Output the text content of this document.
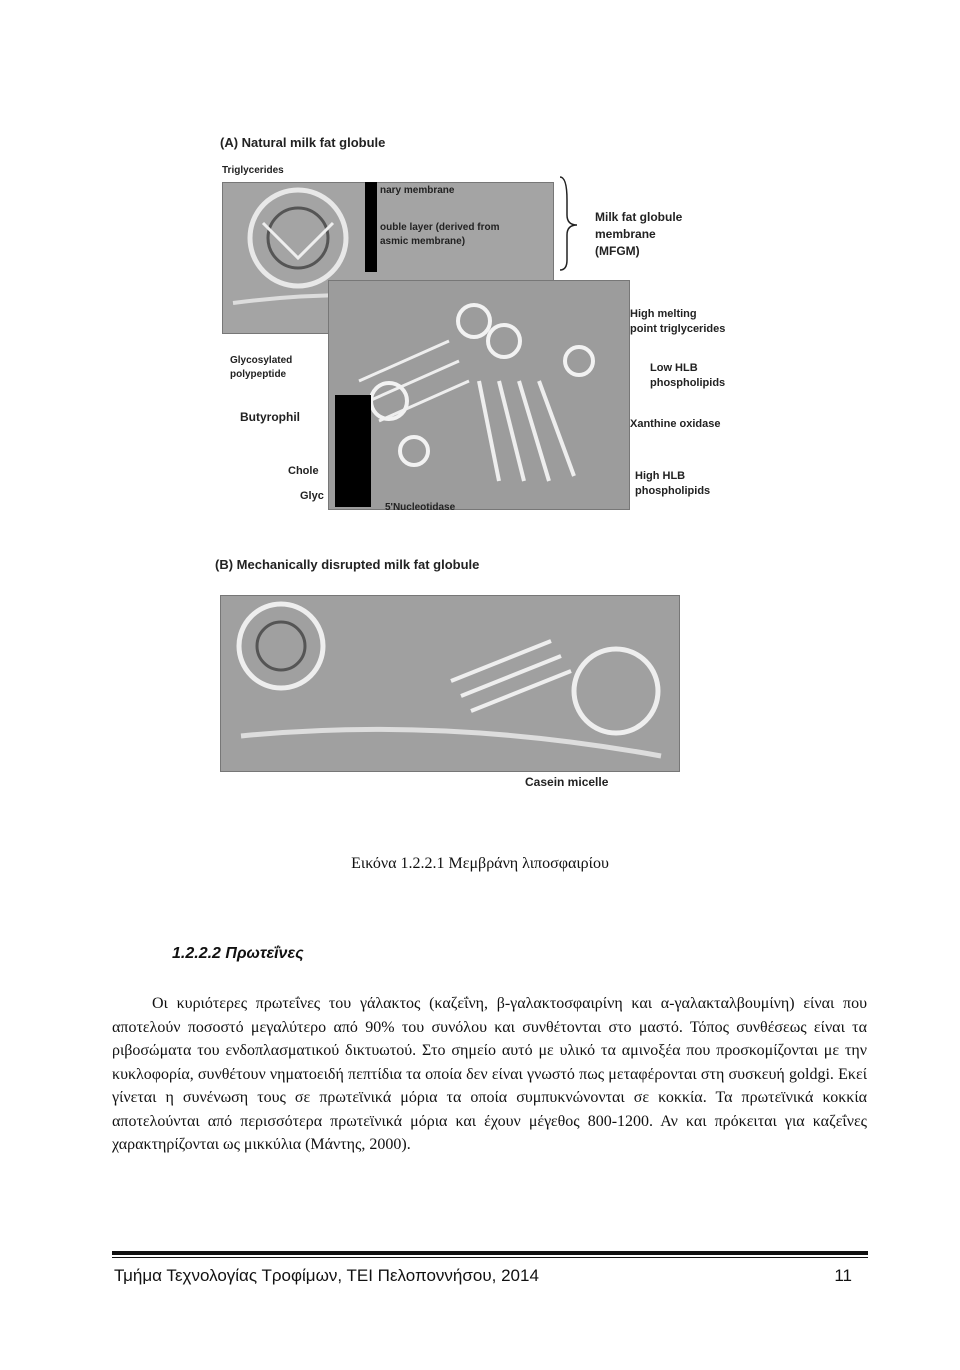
(A) Natural milk fat globule
Triglycerides
nary membrane
ouble layer (derived from
asmic membrane)
Milk fat globule
membrane
(MFGM)
High melting
point triglycerides
Glycosylated
polypeptide
Low HLB
phospholipids
Butyrophil	Xanthine oxidase
Chole
Glyc
High HLB
phospholipids
5'Nucleotidase
(B) Mechanically disrupted milk fat globule
Casein micelle
Εικόνα 1.2.2.1 Μεμβράνη λιποσφαιρίου
1.2.2.2 Πρωτεΐνες
Οι κυριότερες πρωτεΐνες του γάλακτος (καζεΐνη, β-γαλακτοσφαιρίνη και α-γαλακταλβουμίνη) είναι που αποτελούν ποσοστό μεγαλύτερο από 90% του συνόλου και συνθέτονται στο μαστό. Τόπος συνθέσεως είναι τα ριβοσώματα του ενδοπλασματικού δικτυωτού. Στο σημείο αυτό με υλικό τα αμινοξέα που προσκομίζονται με την κυκλοφορία, συνθέτουν νηματοειδή πεπτίδια τα οποία δεν είναι γνωστό πως μεταφέρονται στη συσκευή goldgi. Εκεί γίνεται η συνένωση τους σε πρωτεϊνικά μόρια τα οποία συμπυκνώνονται σε κοκκία. Τα πρωτεϊνικά κοκκία αποτελούνται από περισσότερα πρωτεϊνικά μόρια και έχουν μέγεθος 800-1200. Αν και πρόκειται για καζεΐνες χαρακτηρίζονται ως μικκύλια (Μάντης, 2000).
Τμήμα Τεχνολογίας Τροφίμων, ΤΕΙ Πελοποννήσου, 2014	11
